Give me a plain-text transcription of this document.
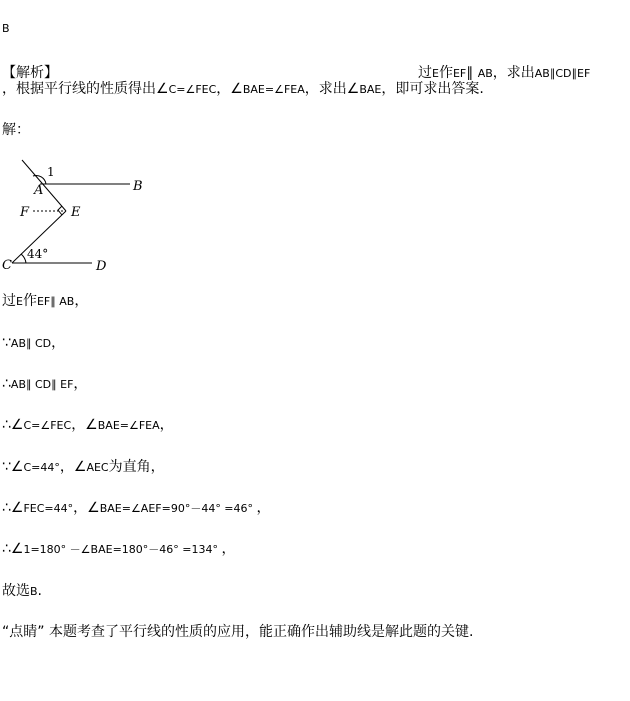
B
【解析】	过E作EF∥ AB，求出AB∥CD∥EF
，根据平行线的性质得出∠C=∠FEC，∠BAE=∠FEA，求出∠BAE，即可求出答案.
解：
1
A	B
F	E
44°
C	D
过E作EF∥ AB，
∵AB∥ CD，
∴AB∥ CD∥ EF，
∴∠C=∠FEC，∠BAE=∠FEA，
∵∠C=44°，∠AEC为直角，
∴∠FEC=44°，∠BAE=∠AEF=90°－44° =46° ，
∴∠1=180° －∠BAE=180°－46° =134° ，
故选B.
“点睛” 本题考查了平行线的性质的应用，能正确作出辅助线是解此题的关键.
